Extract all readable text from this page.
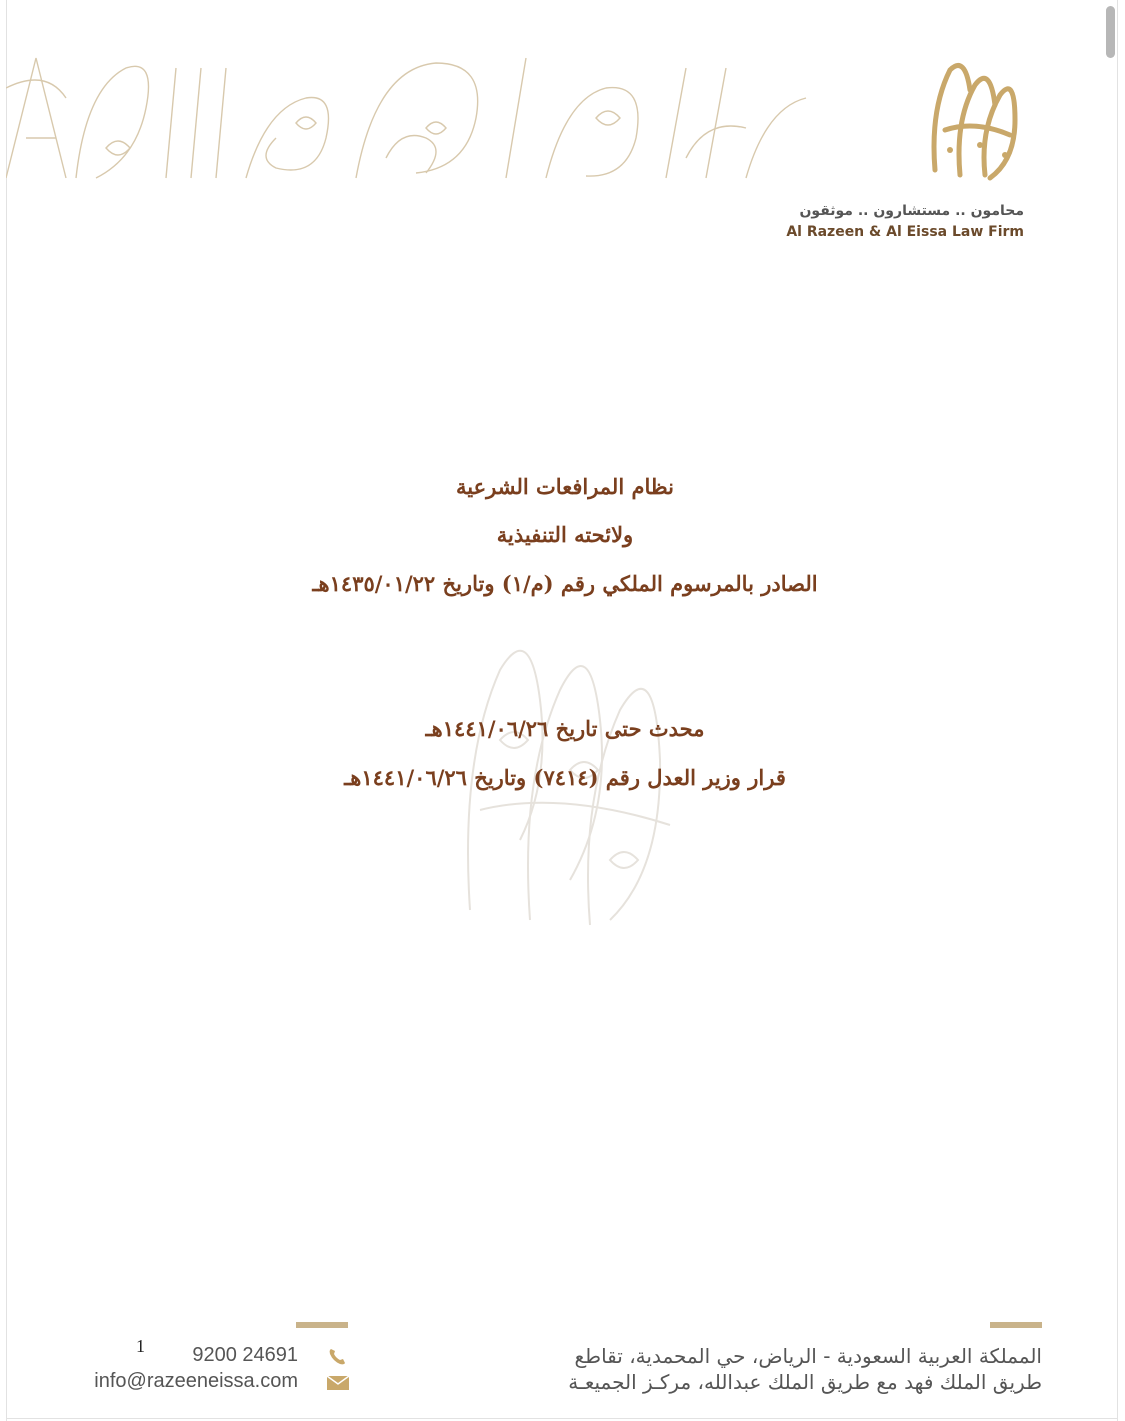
محامون .. مستشارون .. موثقون
Al Razeen & Al Eissa Law Firm
نظام المرافعات الشرعية
ولائحته التنفيذية
الصادر بالمرسوم الملكي رقم (م/١) وتاريخ ١٤٣٥/٠١/٢٢هـ
محدث حتى تاريخ ١٤٤١/٠٦/٢٦هـ
قرار وزير العدل رقم (٧٤١٤) وتاريخ ١٤٤١/٠٦/٢٦هـ
1	9200 24691
info@razeeneissa.com
المملكة العربية السعودية - الرياض، حي المحمدية، تقاطع
طريق الملك فهد مع طريق الملك عبدالله، مركـز الجميعـة
